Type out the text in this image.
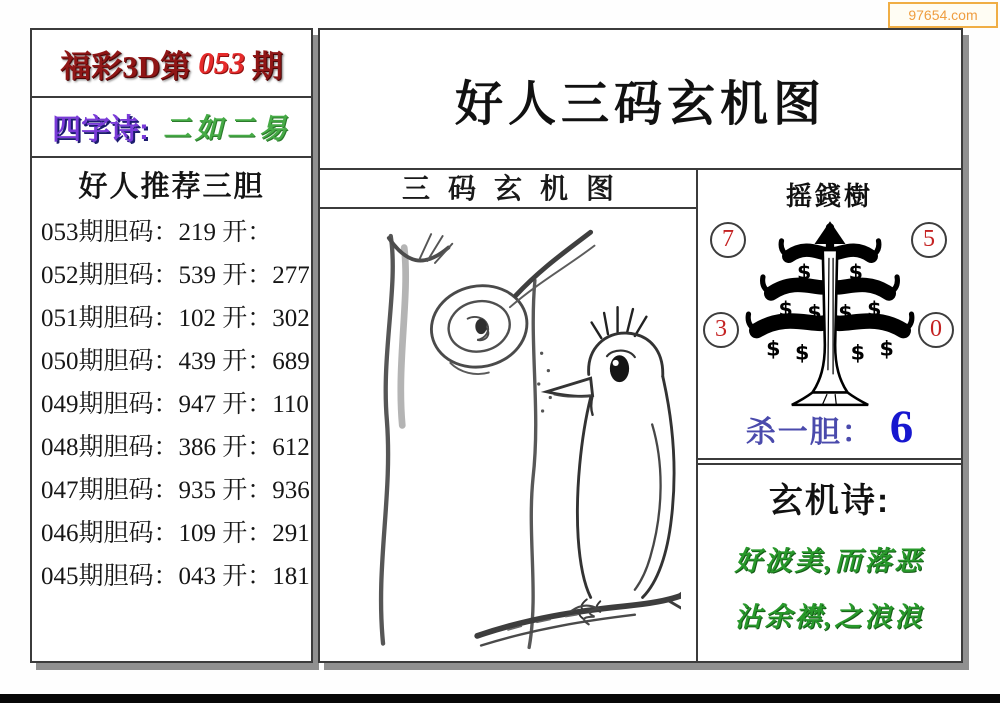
97654.com
福彩3D第 053 期
四字诗: 二如二易
好人推荐三胆
053期胆码：219 开：
052期胆码：539 开：277
051期胆码：102 开：302
050期胆码：439 开：689
049期胆码：947 开：110
048期胆码：386 开：612
047期胆码：935 开：936
046期胆码：109 开：291
045期胆码：043 开：181
好人三码玄机图
三码玄机图	摇錢樹
7	5
3	0
$ $
$ $ $ $
$ $ $ $
杀一胆： 6
玄机诗:
好波美,而落恶
沾余襟,之浪浪
